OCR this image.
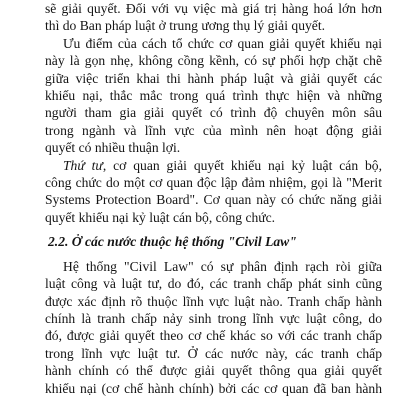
sẽ giải quyết. Đối với vụ việc mà giá trị hàng hoá lớn hơn
thì do Ban pháp luật ở trung ương thụ lý giải quyết.
Ưu điểm của cách tổ chức cơ quan giải quyết khiếu nại
này là gọn nhẹ, không cồng kềnh, có sự phối hợp chặt chẽ
giữa việc triển khai thi hành pháp luật và giải quyết các
khiếu nại, thắc mắc trong quá trình thực hiện và những
người tham gia giải quyết có trình độ chuyên môn sâu
trong ngành và lĩnh vực của mình nên hoạt động giải
quyết có nhiều thuận lợi.
Thứ tư, cơ quan giải quyết khiếu nại kỷ luật cán bộ,
công chức do một cơ quan độc lập đảm nhiệm, gọi là "Merit
Systems Protection Board". Cơ quan này có chức năng giải
quyết khiếu nại kỷ luật cán bộ, công chức.
2.2. Ở các nước thuộc hệ thống "Civil Law"
Hệ thống "Civil Law" có sự phân định rạch ròi giữa
luật công và luật tư, do đó, các tranh chấp phát sinh cũng
được xác định rõ thuộc lĩnh vực luật nào. Tranh chấp hành
chính là tranh chấp nảy sinh trong lĩnh vực luật công, do
đó, được giải quyết theo cơ chế khác so với các tranh chấp
trong lĩnh vực luật tư. Ở các nước này, các tranh chấp
hành chính có thể được giải quyết thông qua giải quyết
khiếu nại (cơ chế hành chính) bởi các cơ quan đã ban hành
